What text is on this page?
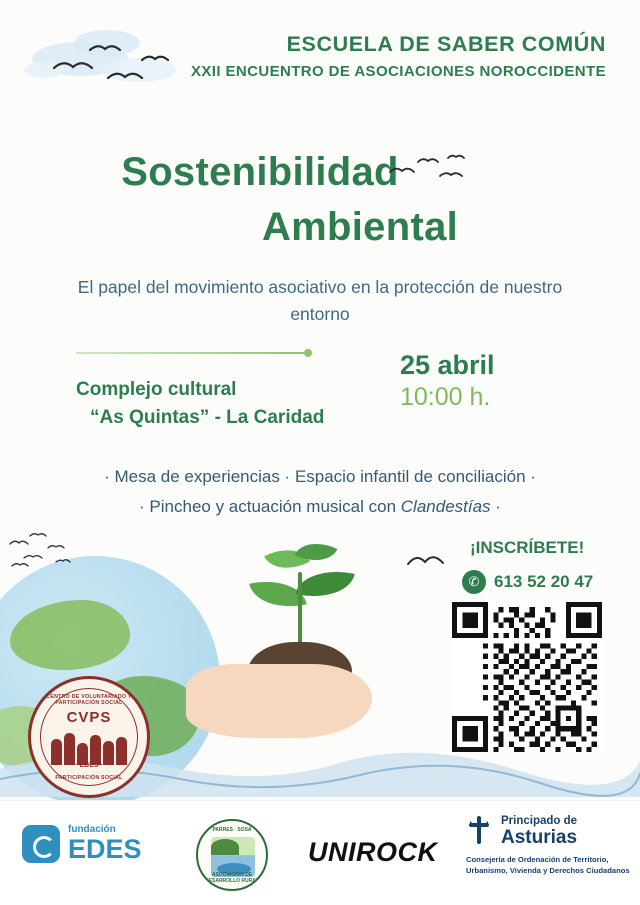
ESCUELA DE SABER COMÚN
XXII ENCUENTRO DE ASOCIACIONES NOROCCIDENTE
Sostenibilidad
Ambiental
El papel del movimiento asociativo en la protección de nuestro entorno
Complejo cultural
“As Quintas” - La Caridad
25 abril
10:00 h.
· Mesa de experiencias · Espacio infantil de conciliación ·
· Pincheo y actuación musical con Clandestías ·
CENTRO DE VOLUNTARIADO Y PARTICIPACIÓN SOCIAL
CVPS
· EDES ·
PARTICIPACIÓN SOCIAL
¡INSCRÍBETE!
✆ 613 52 20 47
fundación
EDES
PARRES · SOSA
ASOCIACIÓN DE DESARROLLO RURAL
UNIROCK
Principado de
Asturias
Consejería de Ordenación de Territorio, Urbanismo, Vivienda y Derechos Ciudadanos
